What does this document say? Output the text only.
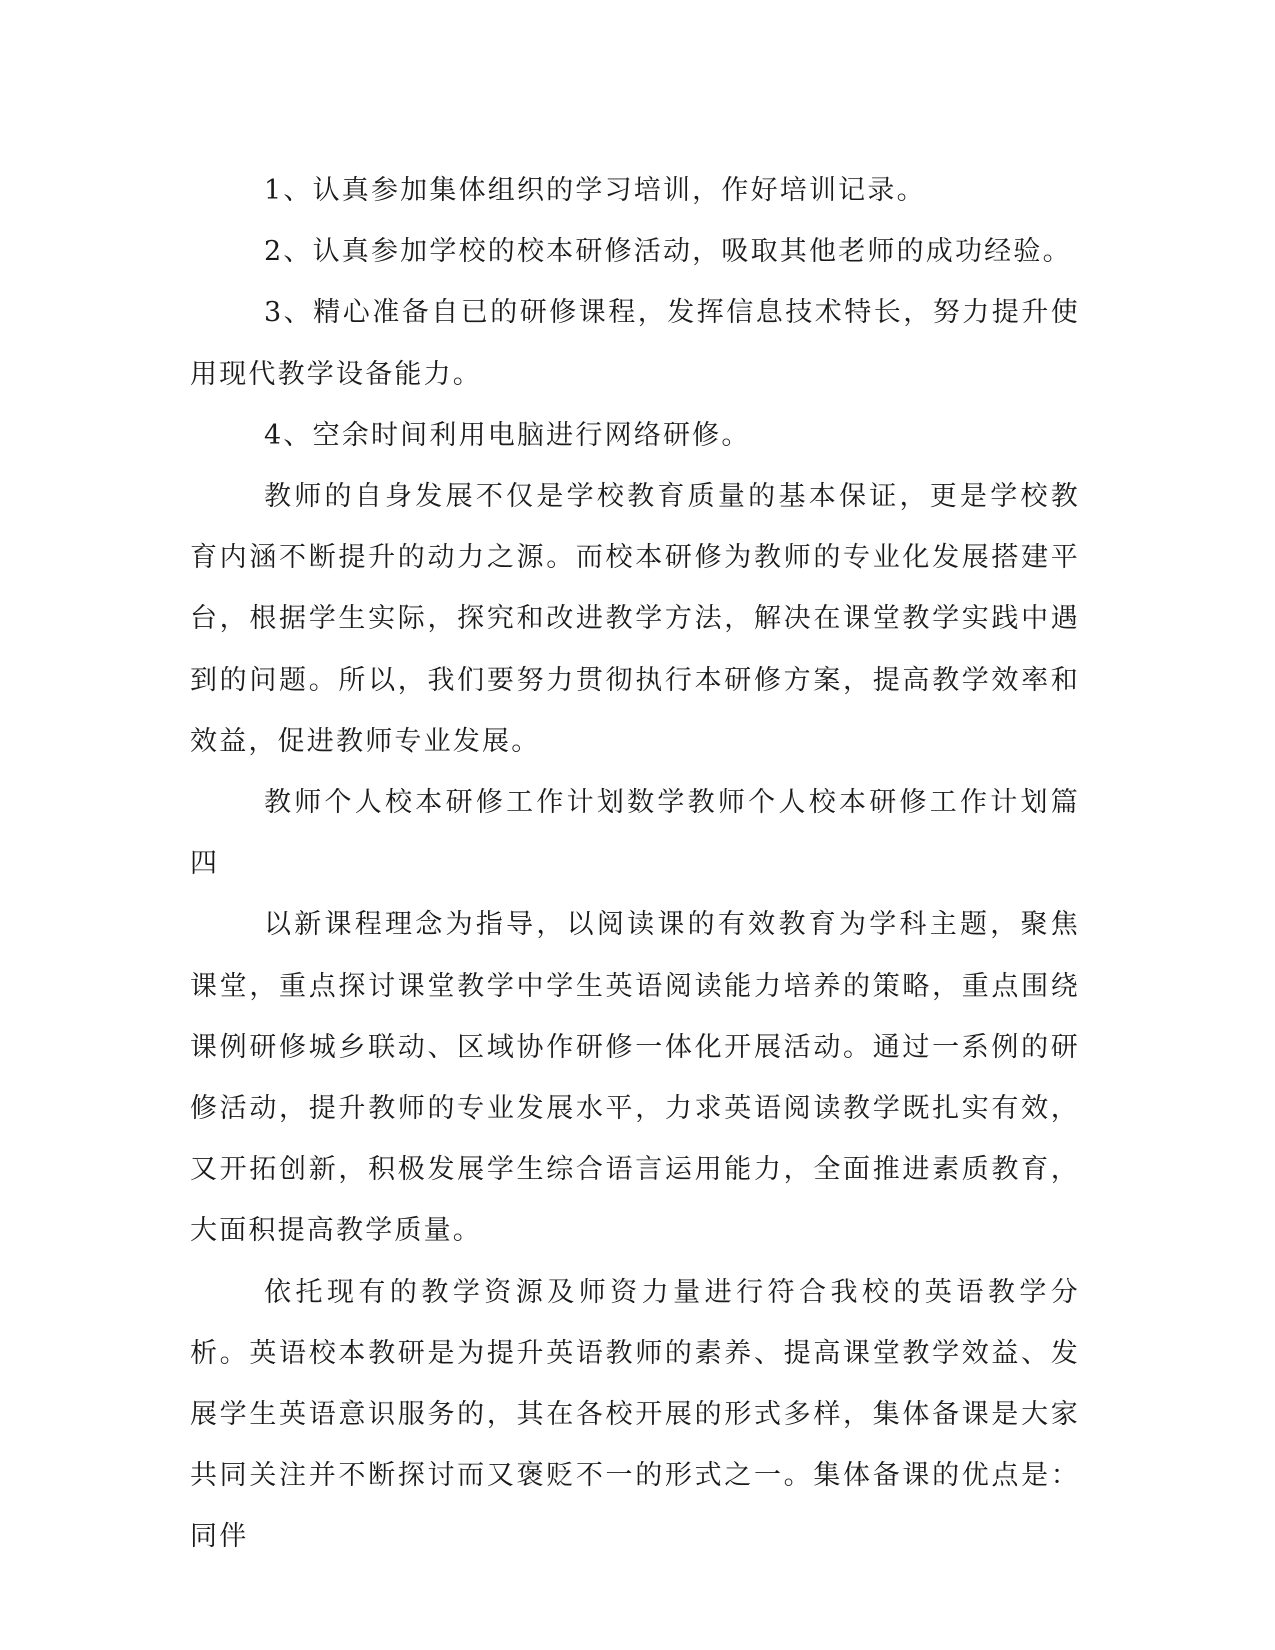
1、认真参加集体组织的学习培训，作好培训记录。

2、认真参加学校的校本研修活动，吸取其他老师的成功经验。

3、精心准备自已的研修课程，发挥信息技术特长，努力提升使用现代教学设备能力。

4、空余时间利用电脑进行网络研修。

教师的自身发展不仅是学校教育质量的基本保证，更是学校教育内涵不断提升的动力之源。而校本研修为教师的专业化发展搭建平台，根据学生实际，探究和改进教学方法，解决在课堂教学实践中遇到的问题。所以，我们要努力贯彻执行本研修方案，提高教学效率和效益，促进教师专业发展。

教师个人校本研修工作计划数学教师个人校本研修工作计划篇四

以新课程理念为指导，以阅读课的有效教育为学科主题，聚焦课堂，重点探讨课堂教学中学生英语阅读能力培养的策略，重点围绕课例研修城乡联动、区域协作研修一体化开展活动。通过一系例的研修活动，提升教师的专业发展水平，力求英语阅读教学既扎实有效，又开拓创新，积极发展学生综合语言运用能力，全面推进素质教育，大面积提高教学质量。

依托现有的教学资源及师资力量进行符合我校的英语教学分析。英语校本教研是为提升英语教师的素养、提高课堂教学效益、发展学生英语意识服务的，其在各校开展的形式多样，集体备课是大家共同关注并不断探讨而又褒贬不一的形式之一。集体备课的优点是：同伴
